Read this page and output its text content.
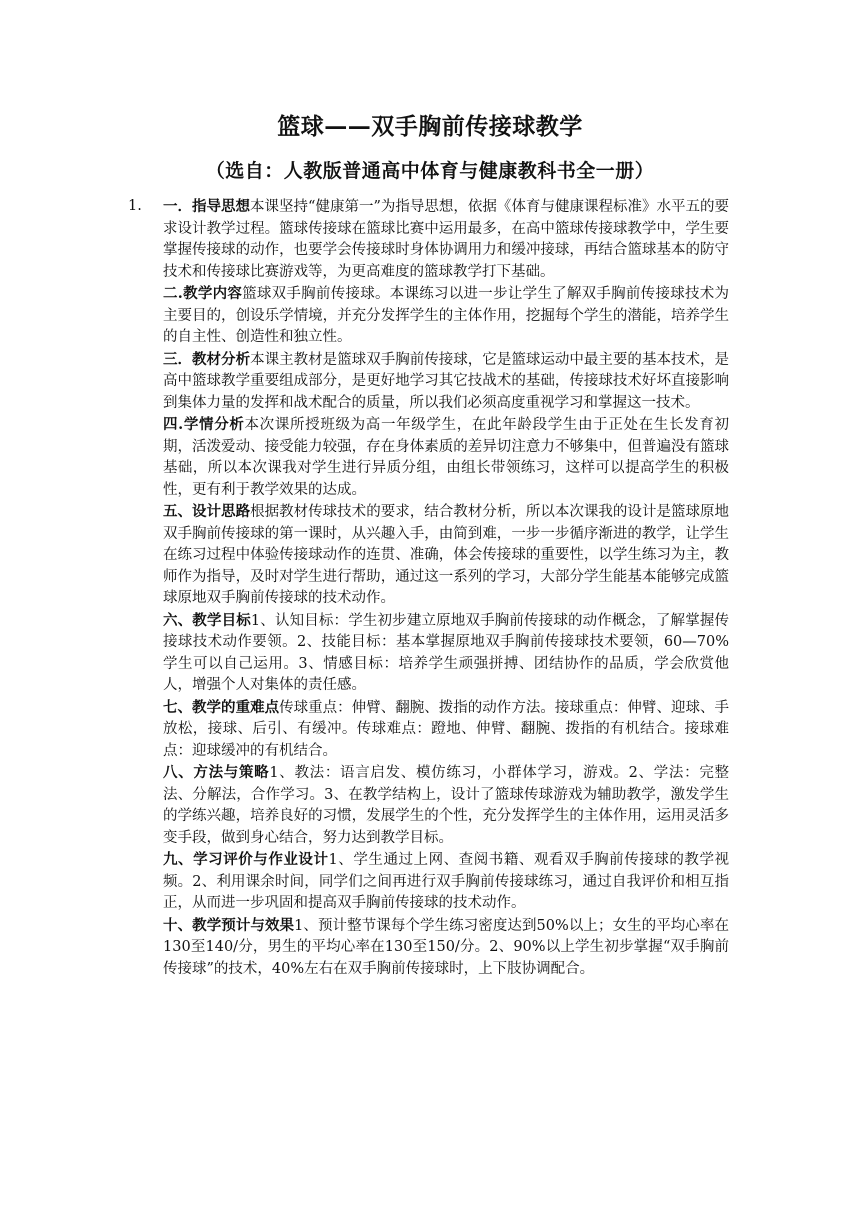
篮球——双手胸前传接球教学
（选自：人教版普通高中体育与健康教科书全一册）
1. 一．指导思想本课坚持“健康第一”为指导思想，依据《体育与健康课程标准》水平五的要求设计教学过程。篮球传接球在篮球比赛中运用最多，在高中篮球传接球教学中，学生要掌握传接球的动作，也要学会传接球时身体协调用力和缓冲接球，再结合篮球基本的防守技术和传接球比赛游戏等，为更高难度的篮球教学打下基础。

二.教学内容篮球双手胸前传接球。本课练习以进一步让学生了解双手胸前传接球技术为主要目的，创设乐学情境，并充分发挥学生的主体作用，挖掘每个学生的潜能，培养学生的自主性、创造性和独立性。

三．教材分析本课主教材是篮球双手胸前传接球，它是篮球运动中最主要的基本技术，是高中篮球教学重要组成部分，是更好地学习其它技战术的基础，传接球技术好坏直接影响到集体力量的发挥和战术配合的质量，所以我们必须高度重视学习和掌握这一技术。

四.学情分析本次课所授班级为高一年级学生，在此年龄段学生由于正处在生长发育初期，活泼爱动、接受能力较强，存在身体素质的差异切注意力不够集中，但普遍没有篮球基础，所以本次课我对学生进行异质分组，由组长带领练习，这样可以提高学生的积极性，更有利于教学效果的达成。

五、设计思路根据教材传球技术的要求，结合教材分析，所以本次课我的设计是篮球原地双手胸前传接球的第一课时，从兴趣入手，由简到难，一步一步循序渐进的教学，让学生在练习过程中体验传接球动作的连贯、准确，体会传接球的重要性，以学生练习为主，教师作为指导，及时对学生进行帮助，通过这一系列的学习，大部分学生能基本能够完成篮球原地双手胸前传接球的技术动作。

六、教学目标1、认知目标：学生初步建立原地双手胸前传接球的动作概念，了解掌握传接球技术动作要领。2、技能目标：基本掌握原地双手胸前传接球技术要领，60—70%学生可以自己运用。3、情感目标：培养学生顽强拼搏、团结协作的品质，学会欣赏他人，增强个人对集体的责任感。

七、教学的重难点传球重点：伸臂、翻腕、拨指的动作方法。接球重点：伸臂、迎球、手放松，接球、后引、有缓冲。传球难点：蹬地、伸臂、翻腕、拨指的有机结合。接球难点：迎球缓冲的有机结合。

八、方法与策略1、教法：语言启发、模仿练习，小群体学习，游戏。2、学法：完整法、分解法，合作学习。3、在教学结构上，设计了篮球传球游戏为辅助教学，激发学生的学练兴趣，培养良好的习惯，发展学生的个性，充分发挥学生的主体作用，运用灵活多变手段，做到身心结合，努力达到教学目标。

九、学习评价与作业设计1、学生通过上网、查阅书籍、观看双手胸前传接球的教学视频。2、利用课余时间，同学们之间再进行双手胸前传接球练习，通过自我评价和相互指正，从而进一步巩固和提高双手胸前传接球的技术动作。

十、教学预计与效果1、预计整节课每个学生练习密度达到50%以上；女生的平均心率在130至140/分，男生的平均心率在130至150/分。2、90%以上学生初步掌握“双手胸前传接球”的技术，40%左右在双手胸前传接球时，上下肢协调配合。
